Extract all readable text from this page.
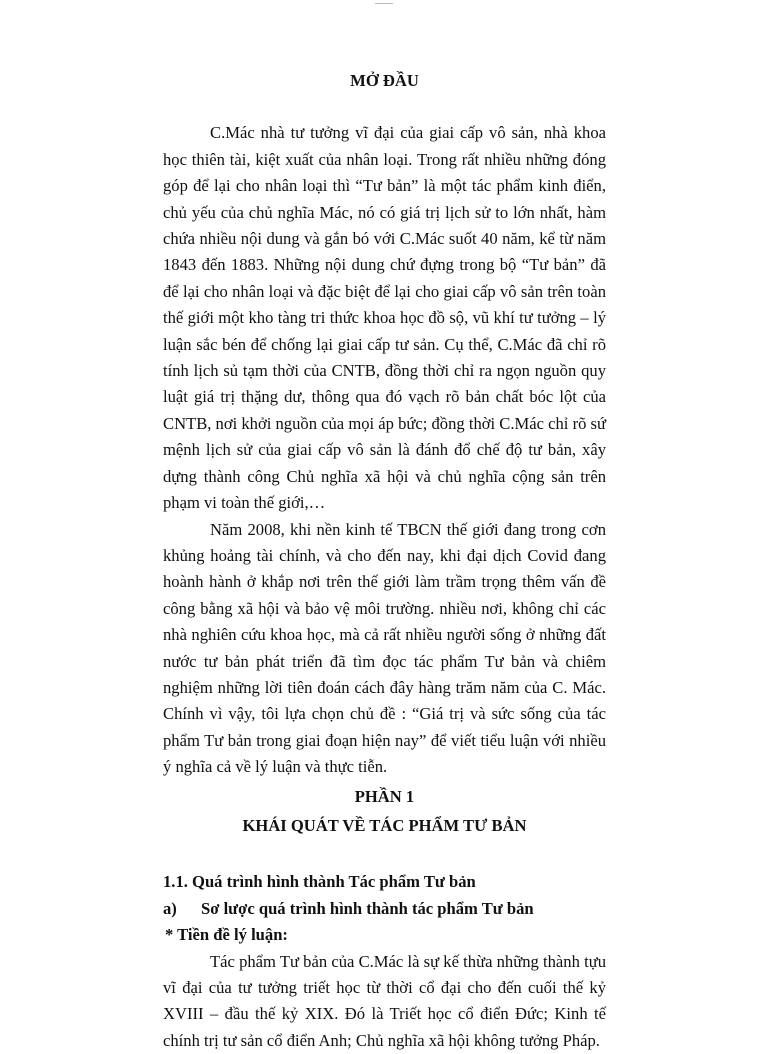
MỞ ĐẦU

C.Mác nhà tư tưởng vĩ đại của giai cấp vô sản, nhà khoa học thiên tài, kiệt xuất của nhân loại. Trong rất nhiều những đóng góp để lại cho nhân loại thì “Tư bản” là một tác phẩm kinh điển, chủ yếu của chủ nghĩa Mác, nó có giá trị lịch sử to lớn nhất, hàm chứa nhiều nội dung và gắn bó với C.Mác suốt 40 năm, kể từ năm 1843 đến 1883. Những nội dung chứ đựng trong bộ “Tư bản” đã để lại cho nhân loại và đặc biệt để lại cho giai cấp vô sản trên toàn thế giới một kho tàng tri thức khoa học đồ sộ, vũ khí tư tưởng – lý luận sắc bén để chống lại giai cấp tư sản. Cụ thể, C.Mác đã chỉ rõ tính lịch sủ tạm thời của CNTB, đồng thời chỉ ra ngọn nguồn quy luật giá trị thặng dư, thông qua đó vạch rõ bản chất bóc lột của CNTB, nơi khởi nguồn của mọi áp bức; đồng thời C.Mác chỉ rõ sứ mệnh lịch sử của giai cấp vô sản là đánh đổ chế độ tư bản, xây dựng thành công Chủ nghĩa xã hội và chủ nghĩa cộng sản trên phạm vi toàn thế giới,…

Năm 2008, khi nền kinh tế TBCN thế giới đang trong cơn khủng hoảng tài chính, và cho đến nay, khi đại dịch Covid đang hoành hành ở khắp nơi trên thế giới làm trầm trọng thêm vấn đề công bằng xã hội và bảo vệ môi trường. nhiều nơi, không chỉ các nhà nghiên cứu khoa học, mà cả rất nhiều người sống ở những đất nước tư bản phát triển đã tìm đọc tác phẩm Tư bản và chiêm nghiệm những lời tiên đoán cách đây hàng trăm năm của C. Mác. Chính vì vậy, tôi lựa chọn chủ đề : “Giá trị và sức sống của tác phẩm Tư bản trong giai đoạn hiện nay” để viết tiểu luận với nhiều ý nghĩa cả về lý luận và thực tiễn.

PHẦN 1
KHÁI QUÁT VỀ TÁC PHẨM TƯ BẢN
1.1. Quá trình hình thành Tác phẩm Tư bản
a)	Sơ lược quá trình hình thành tác phẩm Tư bản
* Tiền đề lý luận:

Tác phẩm Tư bản của C.Mác là sự kế thừa những thành tựu vĩ đại của tư tưởng triết học từ thời cổ đại cho đến cuối thế kỷ XVIII – đầu thế kỷ XIX. Đó là Triết học cổ điển Đức; Kinh tế chính trị tư sản cổ điển Anh; Chủ nghĩa xã hội không tưởng Pháp.
